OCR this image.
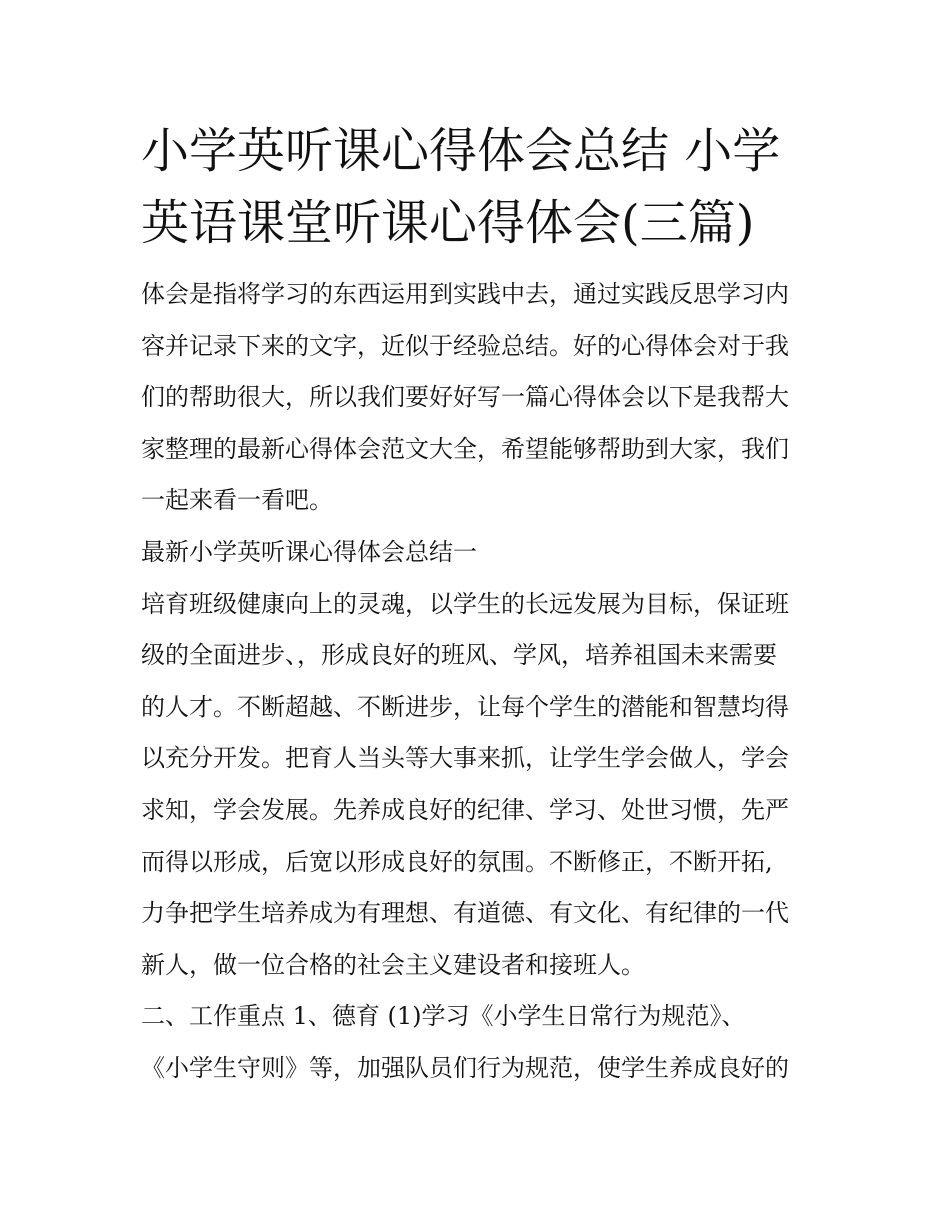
小学英听课心得体会总结 小学
英语课堂听课心得体会(三篇)
体会是指将学习的东西运用到实践中去，通过实践反思学习内
容并记录下来的文字，近似于经验总结。好的心得体会对于我
们的帮助很大，所以我们要好好写一篇心得体会以下是我帮大
家整理的最新心得体会范文大全，希望能够帮助到大家，我们
一起来看一看吧。
最新小学英听课心得体会总结一
培育班级健康向上的灵魂，以学生的长远发展为目标，保证班
级的全面进步、，形成良好的班风、学风，培养祖国未来需要
的人才。不断超越、不断进步，让每个学生的潜能和智慧均得
以充分开发。把育人当头等大事来抓，让学生学会做人，学会
求知，学会发展。先养成良好的纪律、学习、处世习惯，先严
而得以形成，后宽以形成良好的氛围。不断修正，不断开拓,
力争把学生培养成为有理想、有道德、有文化、有纪律的一代
新人，做一位合格的社会主义建设者和接班人。
二、工作重点 1、德育 (1)学习《小学生日常行为规范》、
《小学生守则》等，加强队员们行为规范，使学生养成良好的
